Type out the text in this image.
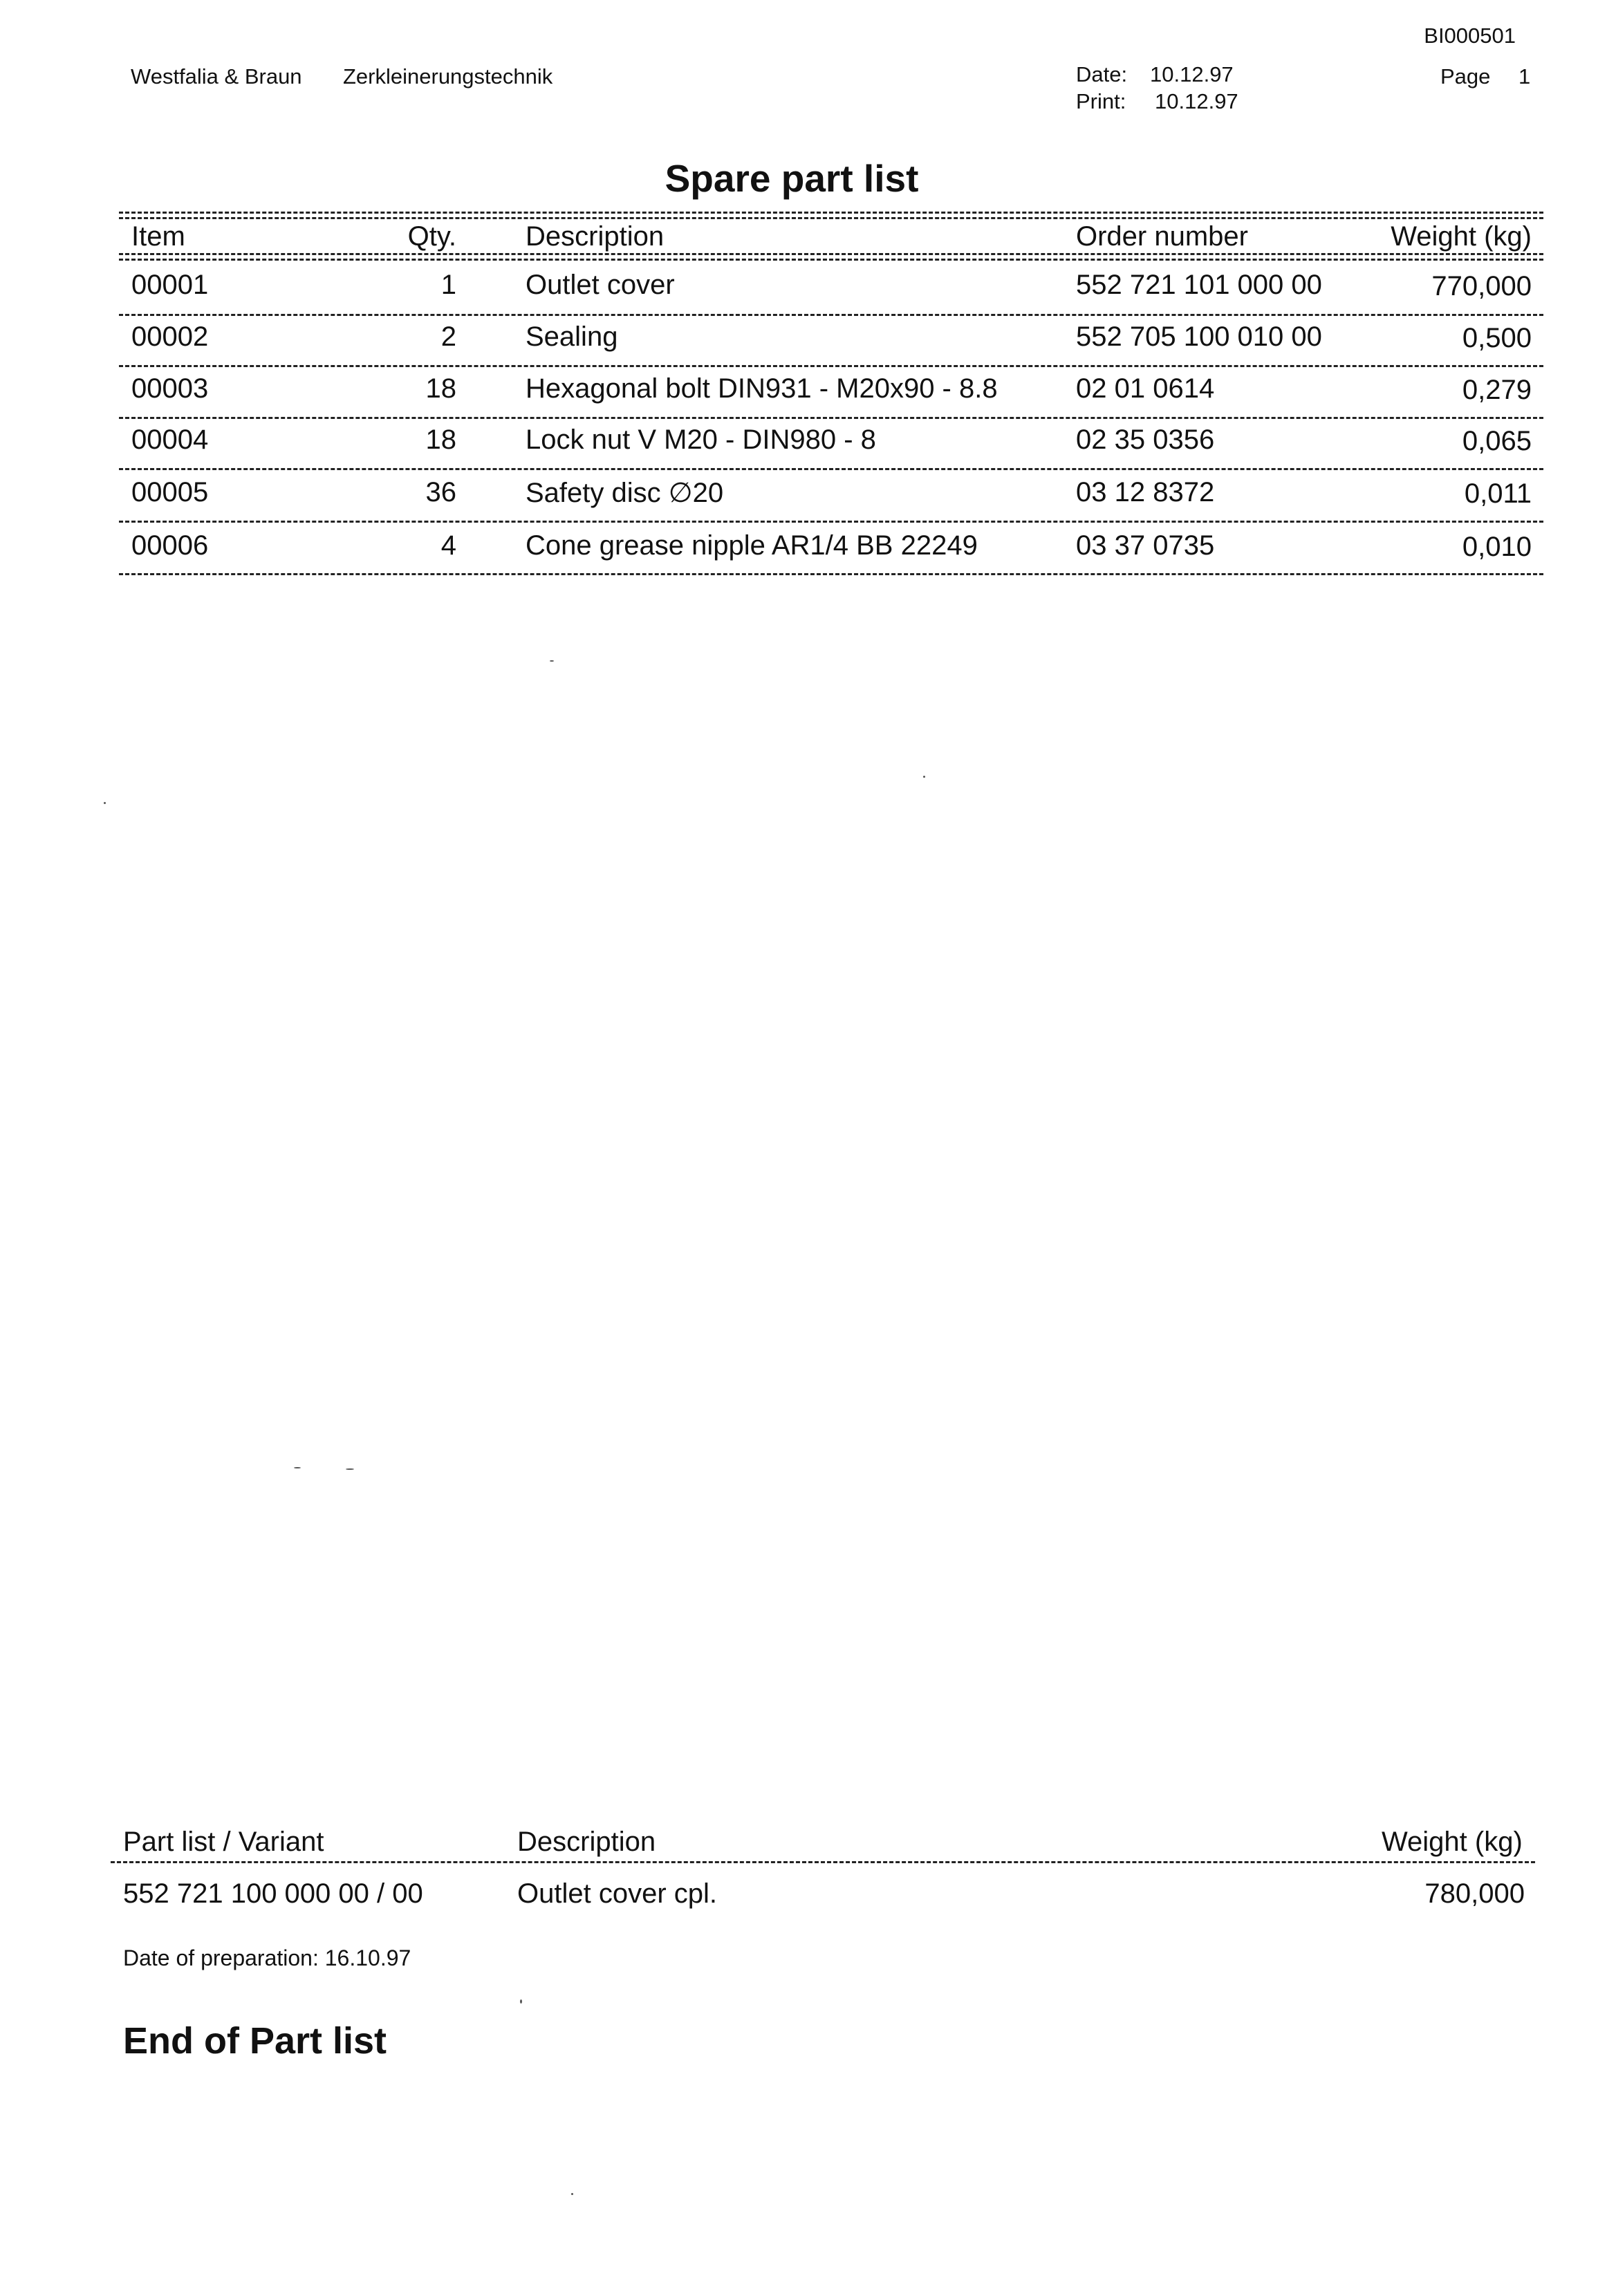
BI000501
Westfalia & Braun Zerkleinerungstechnik	Date: 10.12.97
Print: 10.12.97
Page 1
Spare part list
Item	Qty.	Description	Order number	Weight (kg)
00001	1	Outlet cover	552 721 101 000 00	770,000
00002	2	Sealing	552 705 100 010 00	0,500
00003	18	Hexagonal bolt DIN931 - M20x90 - 8.8	02 01 0614	0,279
00004	18	Lock nut V M20 - DIN980 - 8	02 35 0356	0,065
00005	36	Safety disc ∅20	03 12 8372	0,011
00006	4	Cone grease nipple AR1/4 BB 22249	03 37 0735	0,010
Part list / Variant	Description	Weight (kg)
552 721 100 000 00 / 00	Outlet cover cpl.	780,000
Date of preparation: 16.10.97
End of Part list
